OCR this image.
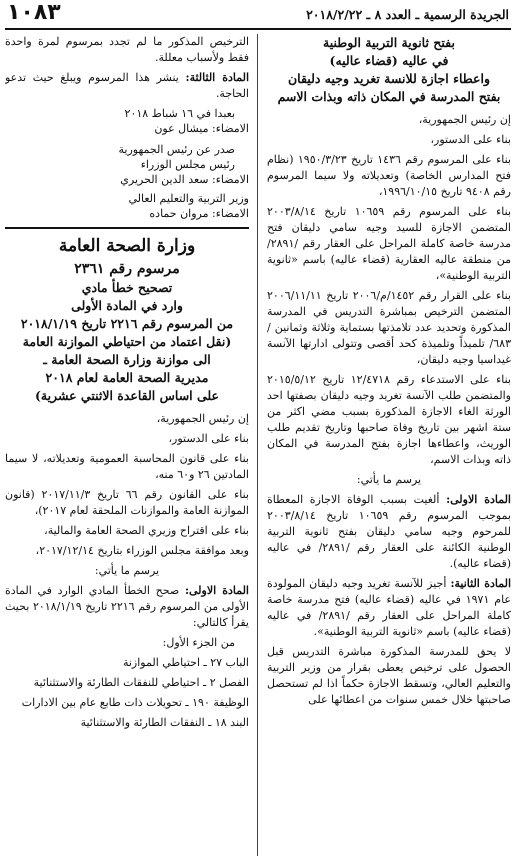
الجريدة الرسمية ـ العدد ٨ ـ ٢٠١٨/٢/٢٢
١٠٨٣

بفتح ثانوية التربية الوطنية

في عاليه (قضاء عاليه)

واعطاء اجازة للانسة تغريد وجيه دليقان

بفتح المدرسة في المكان ذاته وبذات الاسم

إن رئيس الجمهورية،

بناء على الدستور،

بناء على المرسوم رقم ١٤٣٦ تاريخ ١٩٥٠/٣/٢٣ (نظام فتح المدارس الخاصة) وتعديلاته ولا سيما المرسوم رقم ٩٤٠٨ تاريخ ١٩٩٦/١٠/١٥،

بناء على المرسوم رقم ١٠٦٥٩ تاريخ ٢٠٠٣/٨/١٤ المتضمن الاجازة للسيد وجيه سامي دليقان فتح مدرسة خاصة كاملة المراحل على العقار رقم /٢٨٩١/ من منطقة عاليه العقارية (قضاء عاليه) باسم «ثانوية التربية الوطنية»،

بناء على القرار رقم ١٤٥٢/م/٢٠٠٦ تاريخ ٢٠٠٦/١١/١١ المتضمن الترخيص بمباشرة التدريس في المدرسة المذكورة وتحديد عدد تلامذتها بستماية وثلاثة وثمانين /٦٨٣/ تلميذاً وتلميذة كحد أقصى وتتولى ادارتها الآنسة غيداسيا وجيه دليقان،

بناء على الاستدعاء رقم ١٢/٤٧١٨ تاريخ ٢٠١٥/٥/١٢ والمتضمن طلب الآنسة تغريد وجيه دليقان بصفتها احد الورثة الغاء الاجازة المذكورة بسبب مضي اكثر من ستة اشهر بين تاريخ وفاة صاحبها وتاريخ تقديم طلب الوريث، واعطاءها اجازة بفتح المدرسة في المكان ذاته وبذات الاسم،

يرسم ما يأتي:

المادة الاولى: ألغيت بسبب الوفاة الاجازة المعطاة بموجب المرسوم رقم ١٠٦٥٩ تاريخ ٢٠٠٣/٨/١٤ للمرحوم وجيه سامي دليقان بفتح ثانوية التربية الوطنية الكائنة على العقار رقم /٢٨٩١/ في عاليه (قضاء عاليه).

المادة الثانية: أجيز للآنسة تغريد وجيه دليقان المولودة عام ١٩٧١ في عاليه (قضاء عاليه) فتح مدرسة خاصة كاملة المراحل على العقار رقم /٢٨٩١/ في عاليه (قضاء عاليه) باسم «ثانوية التربية الوطنية».

لا يحق للمدرسة المذكورة مباشرة التدريس قبل الحصول على ترخيص يعطى بقرار من وزير التربية والتعليم العالي، وتسقط الاجازة حكماً اذا لم تستحصل صاحبتها خلال خمس سنوات من اعطائها على

الترخيص المذكور ما لم تجدد بمرسوم لمرة واحدة فقط ولأسباب معللة.

المادة الثالثة: ينشر هذا المرسوم ويبلغ حيث تدعو الحاجة.

بعبدا في ١٦ شباط ٢٠١٨

الامضاء: ميشال عون

صدر عن رئيس الجمهورية

رئيس مجلس الوزراء

الامضاء: سعد الدين الحريري

وزير التربية والتعليم العالي

الامضاء: مروان حماده

وزارة الصحة العامة

مرسوم رقم ٢٣٦١

تصحيح خطأ مادي

وارد في المادة الأولى

من المرسوم رقم ٢٢١٦ تاريخ ٢٠١٨/١/١٩

(نقل اعتماد من احتياطي الموازنة العامة

الى موازنة وزارة الصحة العامة ـ

مديرية الصحة العامة لعام ٢٠١٨

على اساس القاعدة الاثنتي عشرية)

إن رئيس الجمهورية،

بناء على الدستور،

بناء على قانون المحاسبة العمومية وتعديلاته، لا سيما المادتين ٢٦ و٦٠ منه،

بناء على القانون رقم ٦٦ تاريخ ٢٠١٧/١١/٣ (قانون الموازنة العامة والموازنات الملحقة لعام ٢٠١٧)،

بناء على اقتراح وزيري الصحة العامة والمالية،

وبعد موافقة مجلس الوزراء بتاريخ ٢٠١٧/١٢/١٤،

يرسم ما يأتي:

المادة الاولى: صحح الخطأ المادي الوارد في المادة الأولى من المرسوم رقم ٢٢١٦ تاريخ ٢٠١٨/١/١٩ بحيث يقرأ كالتالي:

من الجزء الأول:

الباب ٢٧ ـ احتياطي الموازنة

الفصل ٢ ـ احتياطي للنفقات الطارئة والاستثنائية

الوظيفة ١٩٠ ـ تحويلات ذات طابع عام بين الادارات

البند ١٨ ـ النفقات الطارئة والاستثنائية
